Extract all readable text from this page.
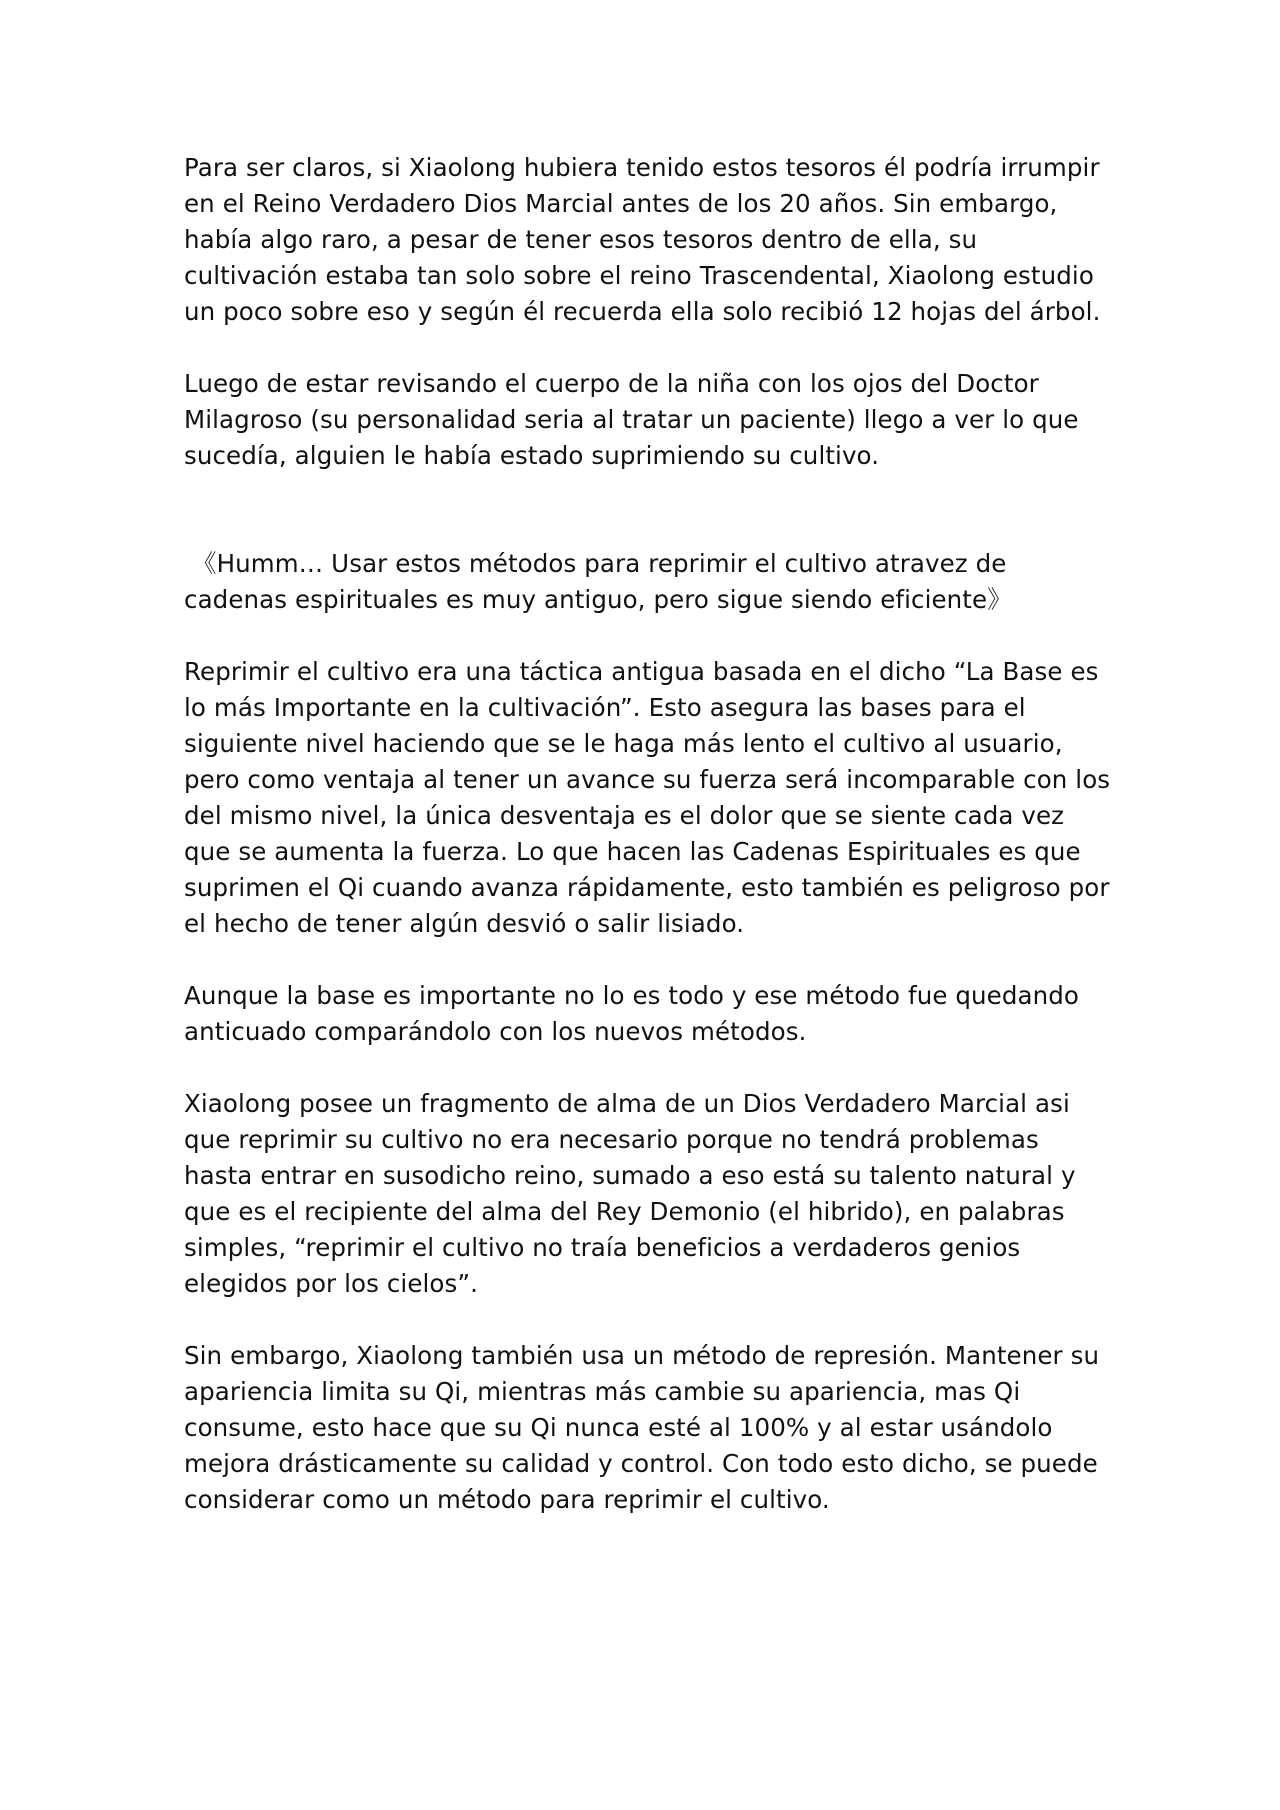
Para ser claros, si Xiaolong hubiera tenido estos tesoros él podría irrumpir en el Reino Verdadero Dios Marcial antes de los 20 años. Sin embargo, había algo raro, a pesar de tener esos tesoros dentro de ella, su cultivación estaba tan solo sobre el reino Trascendental, Xiaolong estudio un poco sobre eso y según él recuerda ella solo recibió 12 hojas del árbol.

Luego de estar revisando el cuerpo de la niña con los ojos del Doctor Milagroso (su personalidad seria al tratar un paciente) llego a ver lo que sucedía, alguien le había estado suprimiendo su cultivo.

《Humm… Usar estos métodos para reprimir el cultivo atravez de cadenas espirituales es muy antiguo, pero sigue siendo eficiente》

Reprimir el cultivo era una táctica antigua basada en el dicho “La Base es lo más Importante en la cultivación”. Esto asegura las bases para el siguiente nivel haciendo que se le haga más lento el cultivo al usuario, pero como ventaja al tener un avance su fuerza será incomparable con los del mismo nivel, la única desventaja es el dolor que se siente cada vez que se aumenta la fuerza. Lo que hacen las Cadenas Espirituales es que suprimen el Qi cuando avanza rápidamente, esto también es peligroso por el hecho de tener algún desvió o salir lisiado.

Aunque la base es importante no lo es todo y ese método fue quedando anticuado comparándolo con los nuevos métodos.

Xiaolong posee un fragmento de alma de un Dios Verdadero Marcial asi que reprimir su cultivo no era necesario porque no tendrá problemas hasta entrar en susodicho reino, sumado a eso está su talento natural y que es el recipiente del alma del Rey Demonio (el hibrido), en palabras simples, “reprimir el cultivo no traía beneficios a verdaderos genios elegidos por los cielos”.

Sin embargo, Xiaolong también usa un método de represión. Mantener su apariencia limita su Qi, mientras más cambie su apariencia, mas Qi consume, esto hace que su Qi nunca esté al 100% y al estar usándolo mejora drásticamente su calidad y control. Con todo esto dicho, se puede considerar como un método para reprimir el cultivo.
